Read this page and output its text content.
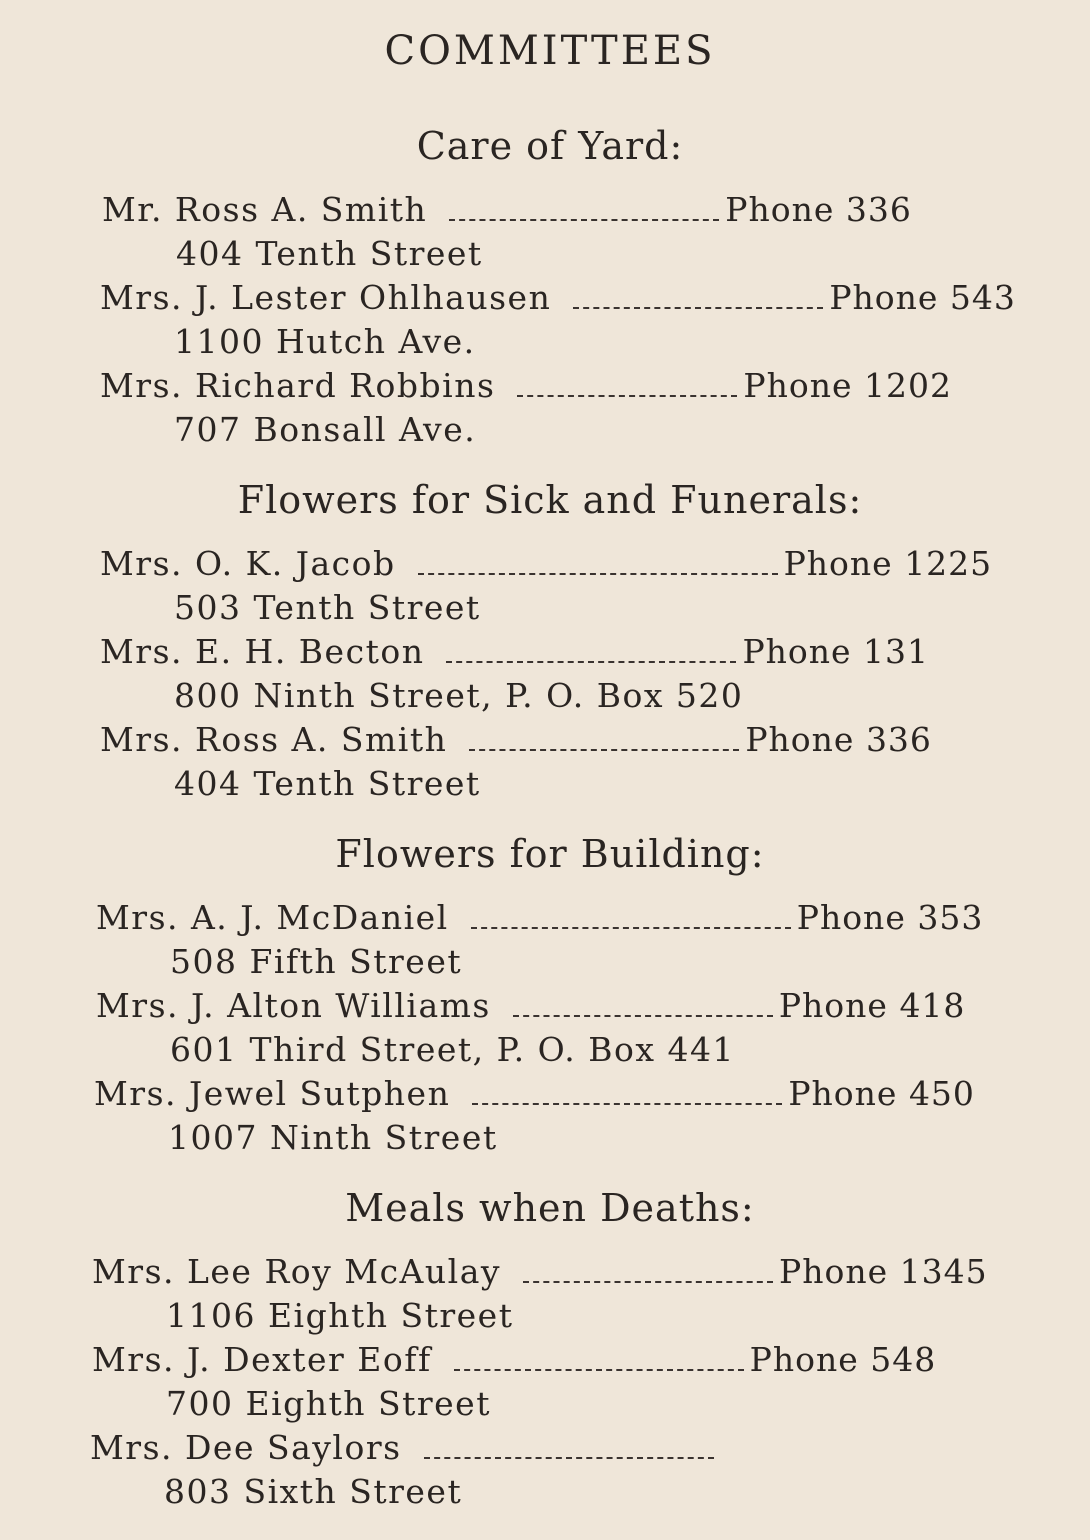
COMMITTEES
Care of Yard:
Mr. Ross A. Smith	Phone 336
404 Tenth Street
Mrs. J. Lester Ohlhausen	Phone 543
1100 Hutch Ave.
Mrs. Richard Robbins	Phone 1202
707 Bonsall Ave.
Flowers for Sick and Funerals:
Mrs. O. K. Jacob	Phone 1225
503 Tenth Street
Mrs. E. H. Becton	Phone 131
800 Ninth Street, P. O. Box 520
Mrs. Ross A. Smith	Phone 336
404 Tenth Street
Flowers for Building:
Mrs. A. J. McDaniel	Phone 353
508 Fifth Street
Mrs. J. Alton Williams	Phone 418
601 Third Street, P. O. Box 441
Mrs. Jewel Sutphen	Phone 450
1007 Ninth Street
Meals when Deaths:
Mrs. Lee Roy McAulay	Phone 1345
1106 Eighth Street
Mrs. J. Dexter Eoff	Phone 548
700 Eighth Street
Mrs. Dee Saylors
803 Sixth Street
